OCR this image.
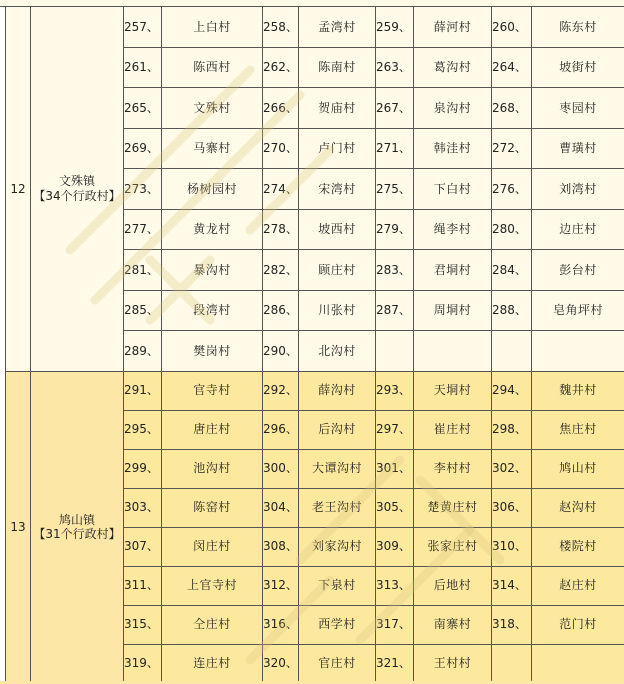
12	文殊镇
【34个行政村】	257、	上白村	258、	孟湾村	259、	薛河村	260、	陈东村
		261、	陈西村	262、	陈南村	263、	葛沟村	264、	坡街村
		265、	文殊村	266、	贺庙村	267、	泉沟村	268、	枣园村
		269、	马寨村	270、	卢门村	271、	韩洼村	272、	曹璜村
		273、	杨树园村	274、	宋湾村	275、	下白村	276、	刘湾村
		277、	黄龙村	278、	坡西村	279、	绳李村	280、	边庄村
		281、	暴沟村	282、	顾庄村	283、	君垌村	284、	彭台村
		285、	段湾村	286、	川张村	287、	周垌村	288、	皂角坪村
		289、	樊岗村	290、	北沟村				
13	鸠山镇
【31个行政村】	291、	官寺村	292、	薛沟村	293、	天垌村	294、	魏井村
		295、	唐庄村	296、	后沟村	297、	崔庄村	298、	焦庄村
		299、	池沟村	300、	大谭沟村	301、	李村村	302、	鸠山村
		303、	陈窑村	304、	老王沟村	305、	楚黄庄村	306、	赵沟村
		307、	闵庄村	308、	刘家沟村	309、	张家庄村	310、	楼院村
		311、	上官寺村	312、	下泉村	313、	后地村	314、	赵庄村
		315、	仝庄村	316、	西学村	317、	南寨村	318、	范门村
		319、	连庄村	320、	官庄村	321、	王村村		
